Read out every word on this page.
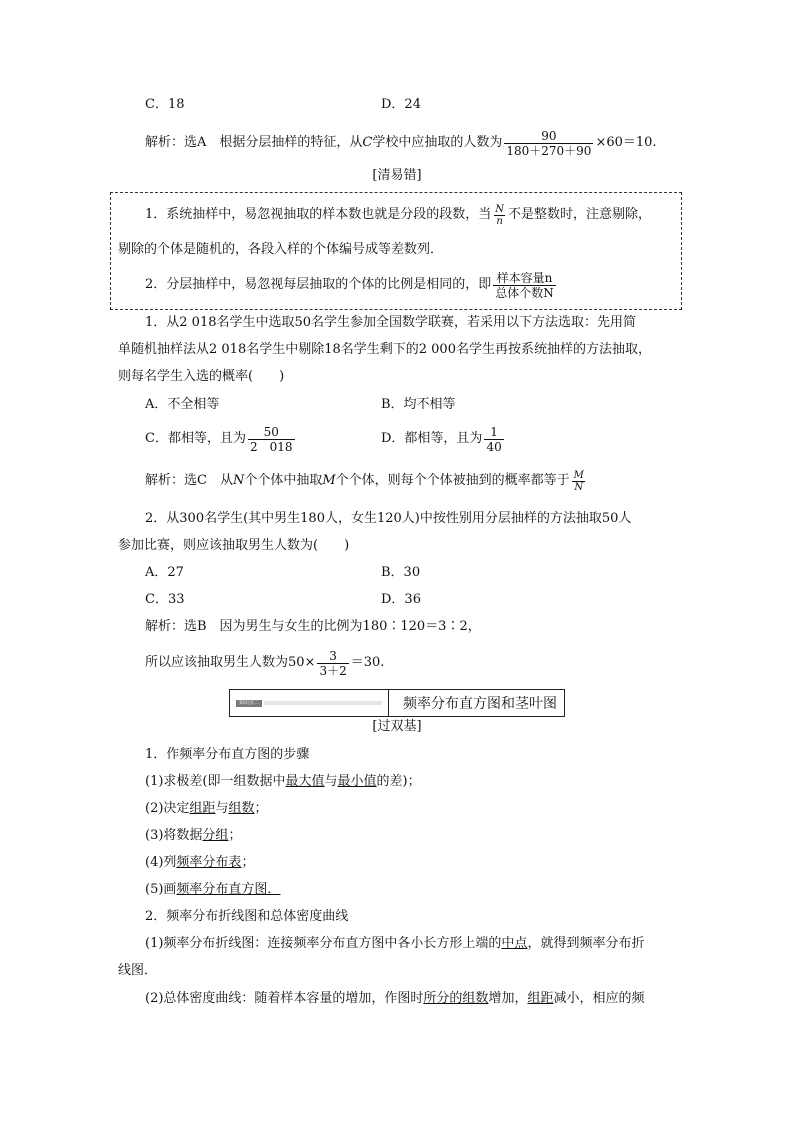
C．18	D．24
解析：选A　根据分层抽样的特征，从 C 学校中应抽取的人数为 $\frac{90}{180+270+90} \times 60=10$.
[清易错]
1．系统抽样中，易忽视抽取的样本数也就是分段的段数，当 $\frac{N}{n}$ 不是整数时，注意剔除，
剔除的个体是随机的，各段入样的个体编号成等差数列．
2．分层抽样中，易忽视每层抽取的个体的比例是相同的，即 $\frac{\text{样本容量n}}{\text{总体个数N}}$
1．从2 018名学生中选取50名学生参加全国数学联赛，若采用以下方法选取：先用简
单随机抽样法从2 018名学生中剔除18名学生剩下的2 000名学生再按系统抽样的方法抽取，
则每名学生入选的概率(　　)
A．不全相等	B．均不相等
C．都相等，且为 $\frac{50}{2 018}$	D．都相等，且为 $\frac{1}{40}$
解析：选C　从 N 个个体中抽取 M 个个体，则每个个体被抽到的概率都等于 $\frac{M}{N}$
2．从300名学生(其中男生180人，女生120人)中按性别用分层抽样的方法抽取50人
参加比赛，则应该抽取男生人数为(　　)
A．27	B．30
C．33	D．36
解析：选B　因为男生与女生的比例为180∶120＝3∶2，
所以应该抽取男生人数为$50\times \frac{3}{3+2} =30$.
知识点二	频率分布直方图和茎叶图
[过双基]
1．作频率分布直方图的步骤
(1)求极差(即一组数据中最大值与最小值的差)；
(2)决定组距与组数；
(3)将数据分组；
(4)列频率分布表；
(5)画频率分布直方图．
2．频率分布折线图和总体密度曲线
(1)频率分布折线图：连接频率分布直方图中各小长方形上端的中点，就得到频率分布折
线图．
(2)总体密度曲线：随着样本容量的增加，作图时所分的组数增加，组距减小，相应的频
